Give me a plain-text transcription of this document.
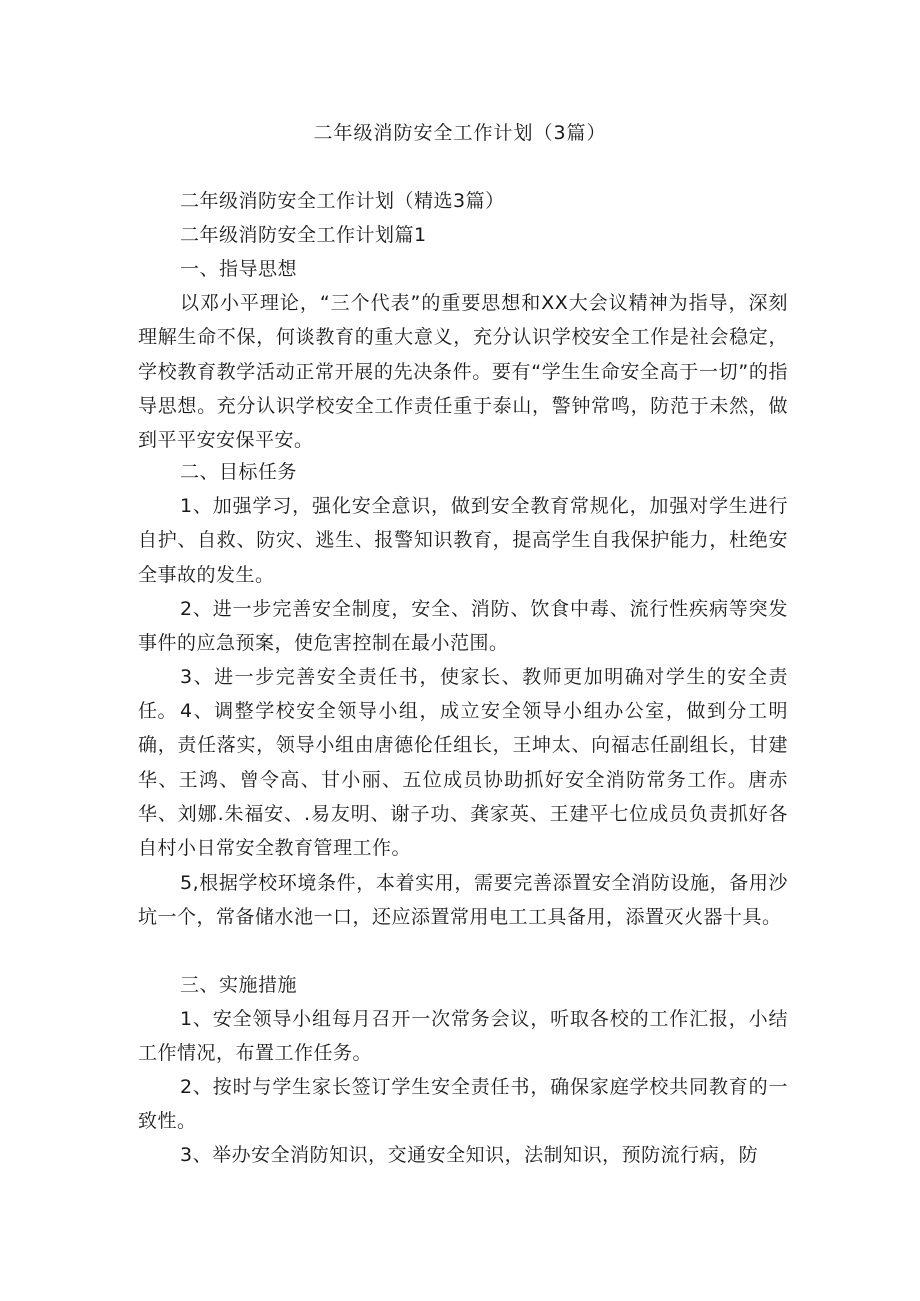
二年级消防安全工作计划（3篇）

二年级消防安全工作计划（精选3篇）

二年级消防安全工作计划篇1

一、指导思想

以邓小平理论，“三个代表”的重要思想和XX大会议精神为指导，深刻理解生命不保，何谈教育的重大意义，充分认识学校安全工作是社会稳定，学校教育教学活动正常开展的先决条件。要有“学生生命安全高于一切”的指导思想。充分认识学校安全工作责任重于泰山，警钟常鸣，防范于未然，做到平平安安保平安。

二、目标任务

1、加强学习，强化安全意识，做到安全教育常规化，加强对学生进行自护、自救、防灾、逃生、报警知识教育，提高学生自我保护能力，杜绝安全事故的发生。

2、进一步完善安全制度，安全、消防、饮食中毒、流行性疾病等突发事件的应急预案，使危害控制在最小范围。

3、进一步完善安全责任书，使家长、教师更加明确对学生的安全责任。 4、调整学校安全领导小组，成立安全领导小组办公室，做到分工明确，责任落实，领导小组由唐德伦任组长，王坤太、向福志任副组长，甘建华、王鸿、曾令高、甘小丽、五位成员协助抓好安全消防常务工作。唐赤华、刘娜.朱福安、.易友明、谢子功、龚家英、王建平七位成员负责抓好各自村小日常安全教育管理工作。

5,根据学校环境条件，本着实用，需要完善添置安全消防设施，备用沙坑一个，常备储水池一口，还应添置常用电工工具备用，添置灭火器十具。

三、实施措施

1、安全领导小组每月召开一次常务会议，听取各校的工作汇报，小结工作情况，布置工作任务。

2、按时与学生家长签订学生安全责任书，确保家庭学校共同教育的一致性。

3、举办安全消防知识，交通安全知识，法制知识，预防流行病，防
